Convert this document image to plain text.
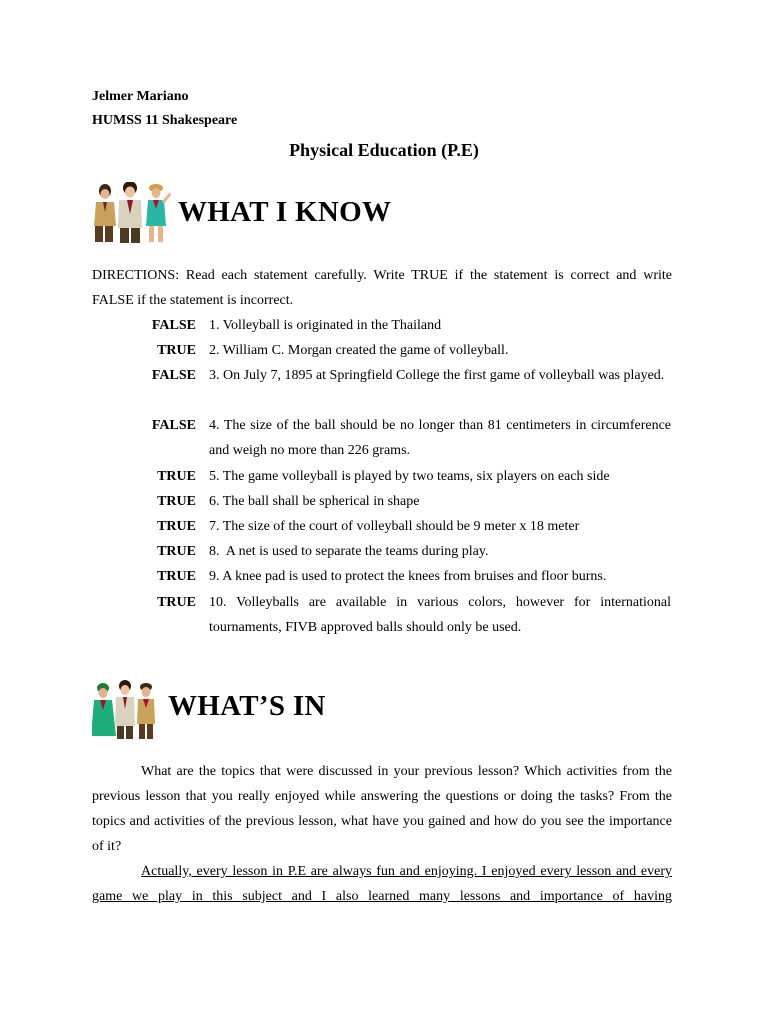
Jelmer Mariano
HUMSS 11 Shakespeare
Physical Education (P.E)
WHAT I KNOW
DIRECTIONS: Read each statement carefully. Write TRUE if the statement is correct and write FALSE if the statement is incorrect.
FALSE 1. Volleyball is originated in the Thailand
TRUE 2. William C. Morgan created the game of volleyball.
FALSE 3. On July 7, 1895 at Springfield College the first game of volleyball was played.
FALSE 4. The size of the ball should be no longer than 81 centimeters in circumference and weigh no more than 226 grams.
TRUE 5. The game volleyball is played by two teams, six players on each side
TRUE 6. The ball shall be spherical in shape
TRUE 7. The size of the court of volleyball should be 9 meter x 18 meter
TRUE 8.  A net is used to separate the teams during play.
TRUE 9. A knee pad is used to protect the knees from bruises and floor burns.
TRUE 10. Volleyballs are available in various colors, however for international tournaments, FIVB approved balls should only be used.
WHAT’S IN
What are the topics that were discussed in your previous lesson? Which activities from the previous lesson that you really enjoyed while answering the questions or doing the tasks? From the topics and activities of the previous lesson, what have you gained and how do you see the importance of it?
Actually, every lesson in P.E are always fun and enjoying. I enjoyed every lesson and every game we play in this subject and I also learned many lessons and importance of having
